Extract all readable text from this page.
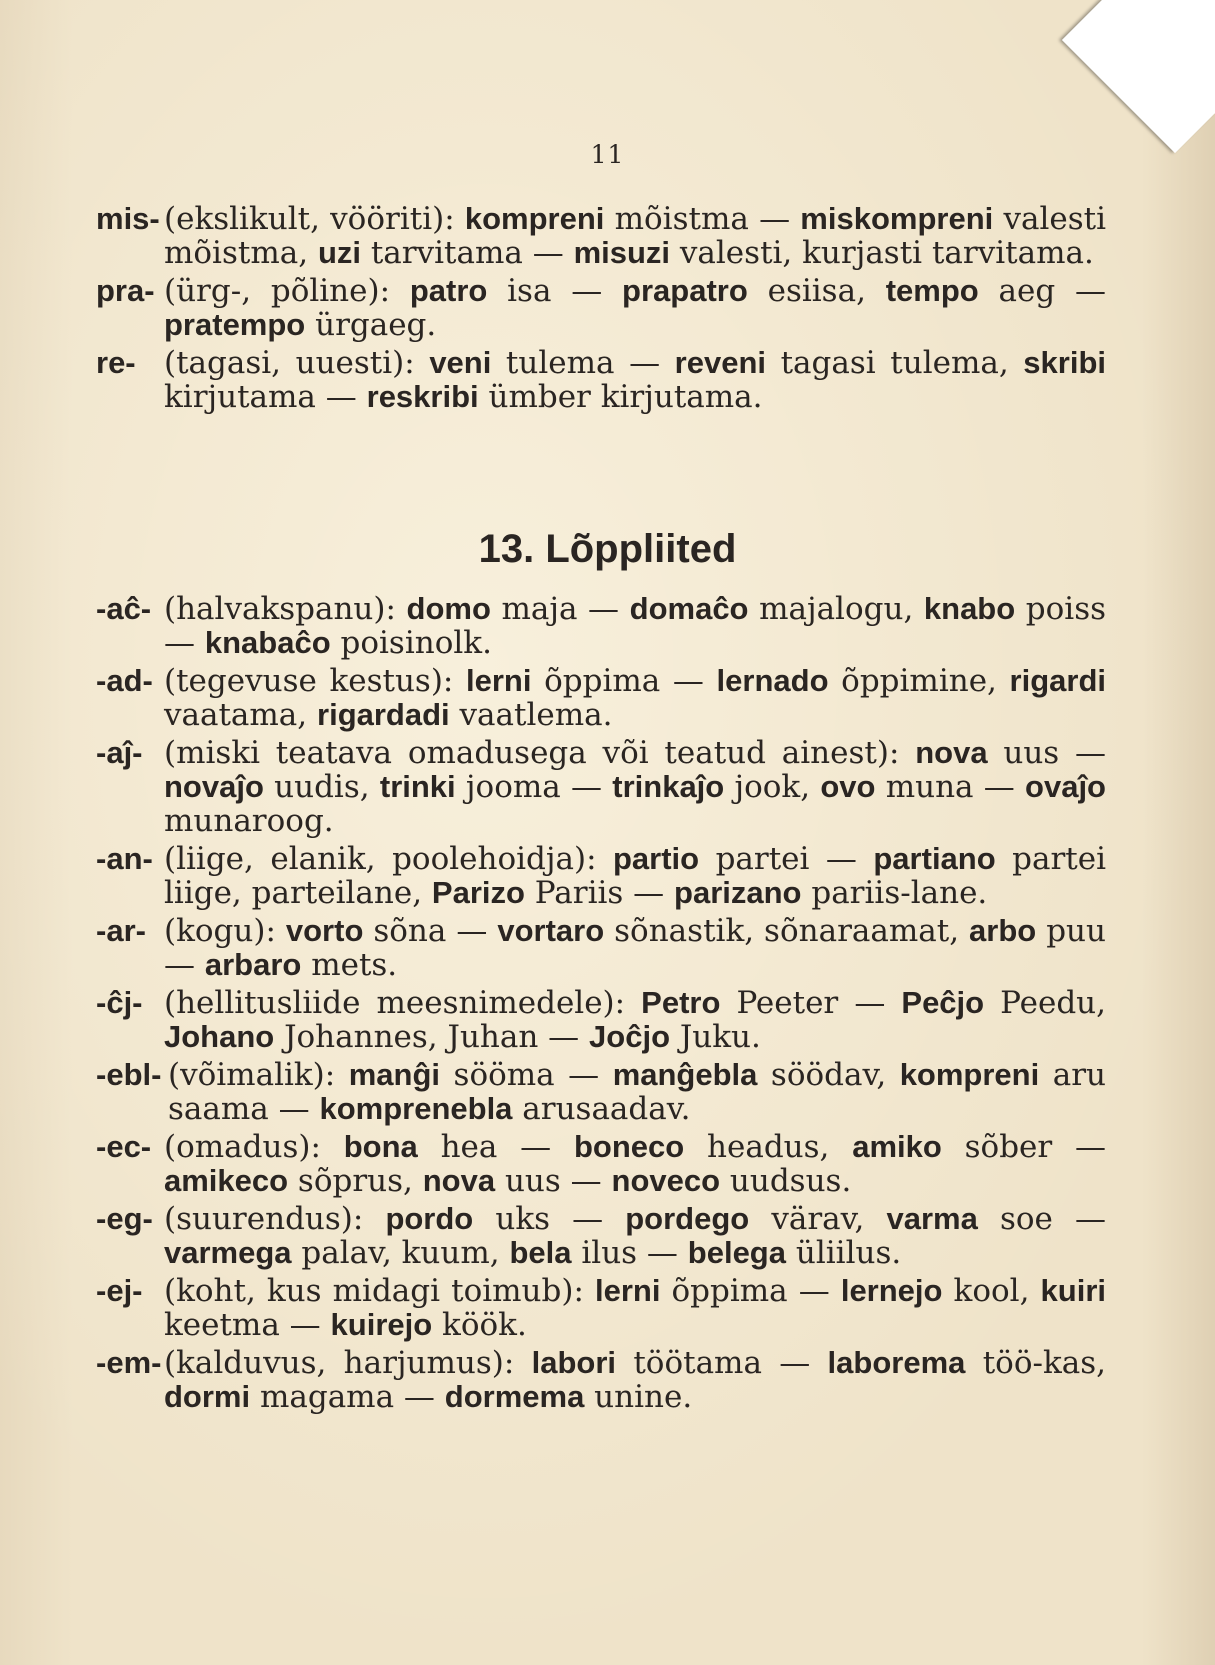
11
mis- (ekslikult, vööriti): kompreni mõistma — miskompreni valesti mõistma, uzi tarvitama — misuzi valesti, kurjasti tarvitama.
pra- (ürg-, põline): patro isa — prapatro esiisa, tempo aeg — pratempo ürgaeg.
re- (tagasi, uuesti): veni tulema — reveni tagasi tulema, skribi kirjutama — reskribi ümber kirjutama.
13. Lõppliited
-aĉ- (halvakspanu): domo maja — domaĉo majalogu, knabo poiss — knabaĉo poisinolk.
-ad- (tegevuse kestus): lerni õppima — lernado õppimine, rigardi vaatama, rigardadi vaatlema.
-aĵ- (miski teatava omadusega või teatud ainest): nova uus — novaĵo uudis, trinki jooma — trinkaĵo jook, ovo muna — ovaĵo munaroog.
-an- (liige, elanik, poolehoidja): partio partei — partiano partei liige, parteilane, Parizo Pariis — parizano pariis-lane.
-ar- (kogu): vorto sõna — vortaro sõnastik, sõnaraamat, arbo puu — arbaro mets.
-ĉj- (hellitusliide meesnimedele): Petro Peeter — Peĉjo Peedu, Johano Johannes, Juhan — Joĉjo Juku.
-ebl- (võimalik): manĝi sööma — manĝebla söödav, kompreni aru saama — komprenebla arusaadav.
-ec- (omadus): bona hea — boneco headus, amiko sõber — amikeco sõprus, nova uus — noveco uudsus.
-eg- (suurendus): pordo uks — pordego värav, varma soe — varmega palav, kuum, bela ilus — belega üliilus.
-ej- (koht, kus midagi toimub): lerni õppima — lernejo kool, kuiri keetma — kuirejo köök.
-em- (kalduvus, harjumus): labori töötama — laborema töö-kas, dormi magama — dormema unine.
